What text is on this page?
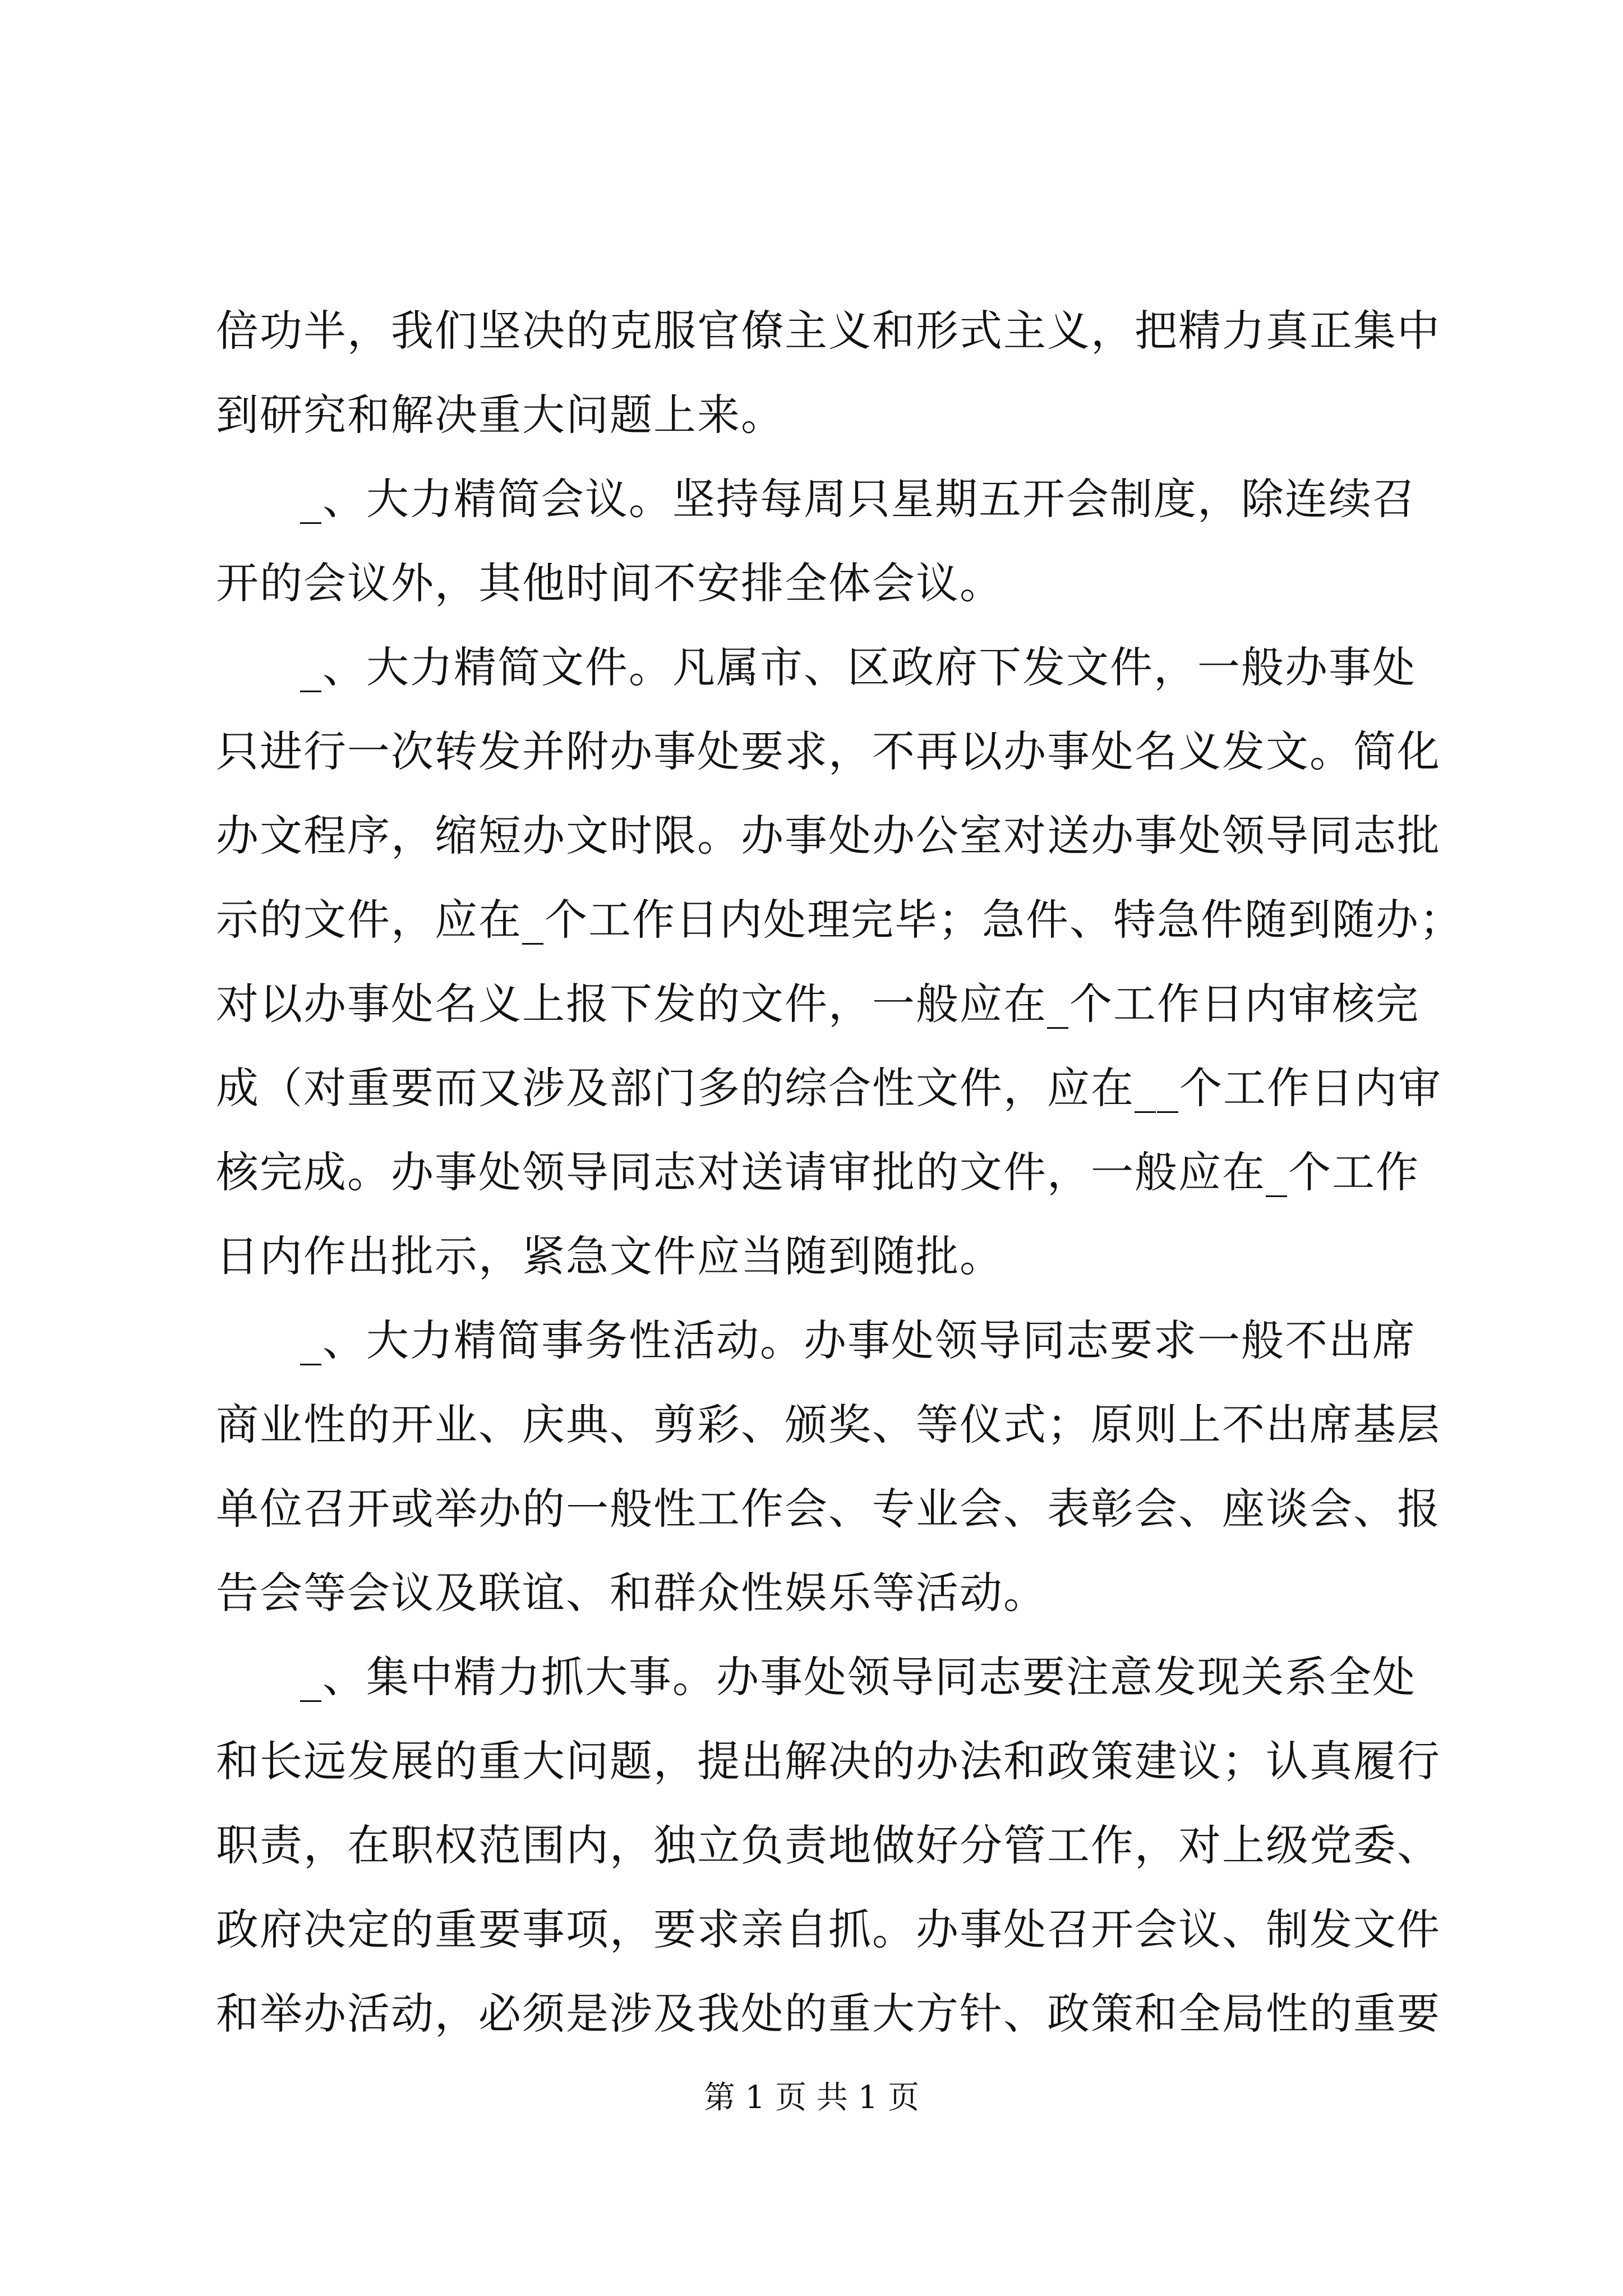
倍功半，我们坚决的克服官僚主义和形式主义，把精力真正集中
到研究和解决重大问题上来。
_、大力精简会议。坚持每周只星期五开会制度，除连续召
开的会议外，其他时间不安排全体会议。
_、大力精简文件。凡属市、区政府下发文件，一般办事处
只进行一次转发并附办事处要求，不再以办事处名义发文。简化
办文程序，缩短办文时限。办事处办公室对送办事处领导同志批
示的文件，应在_个工作日内处理完毕；急件、特急件随到随办；
对以办事处名义上报下发的文件，一般应在_个工作日内审核完
成（对重要而又涉及部门多的综合性文件，应在__个工作日内审
核完成。办事处领导同志对送请审批的文件，一般应在_个工作
日内作出批示，紧急文件应当随到随批。
_、大力精简事务性活动。办事处领导同志要求一般不出席
商业性的开业、庆典、剪彩、颁奖、等仪式；原则上不出席基层
单位召开或举办的一般性工作会、专业会、表彰会、座谈会、报
告会等会议及联谊、和群众性娱乐等活动。
_、集中精力抓大事。办事处领导同志要注意发现关系全处
和长远发展的重大问题，提出解决的办法和政策建议；认真履行
职责，在职权范围内，独立负责地做好分管工作，对上级党委、
政府决定的重要事项，要求亲自抓。办事处召开会议、制发文件
和举办活动，必须是涉及我处的重大方针、政策和全局性的重要
第 1 页 共 1 页
